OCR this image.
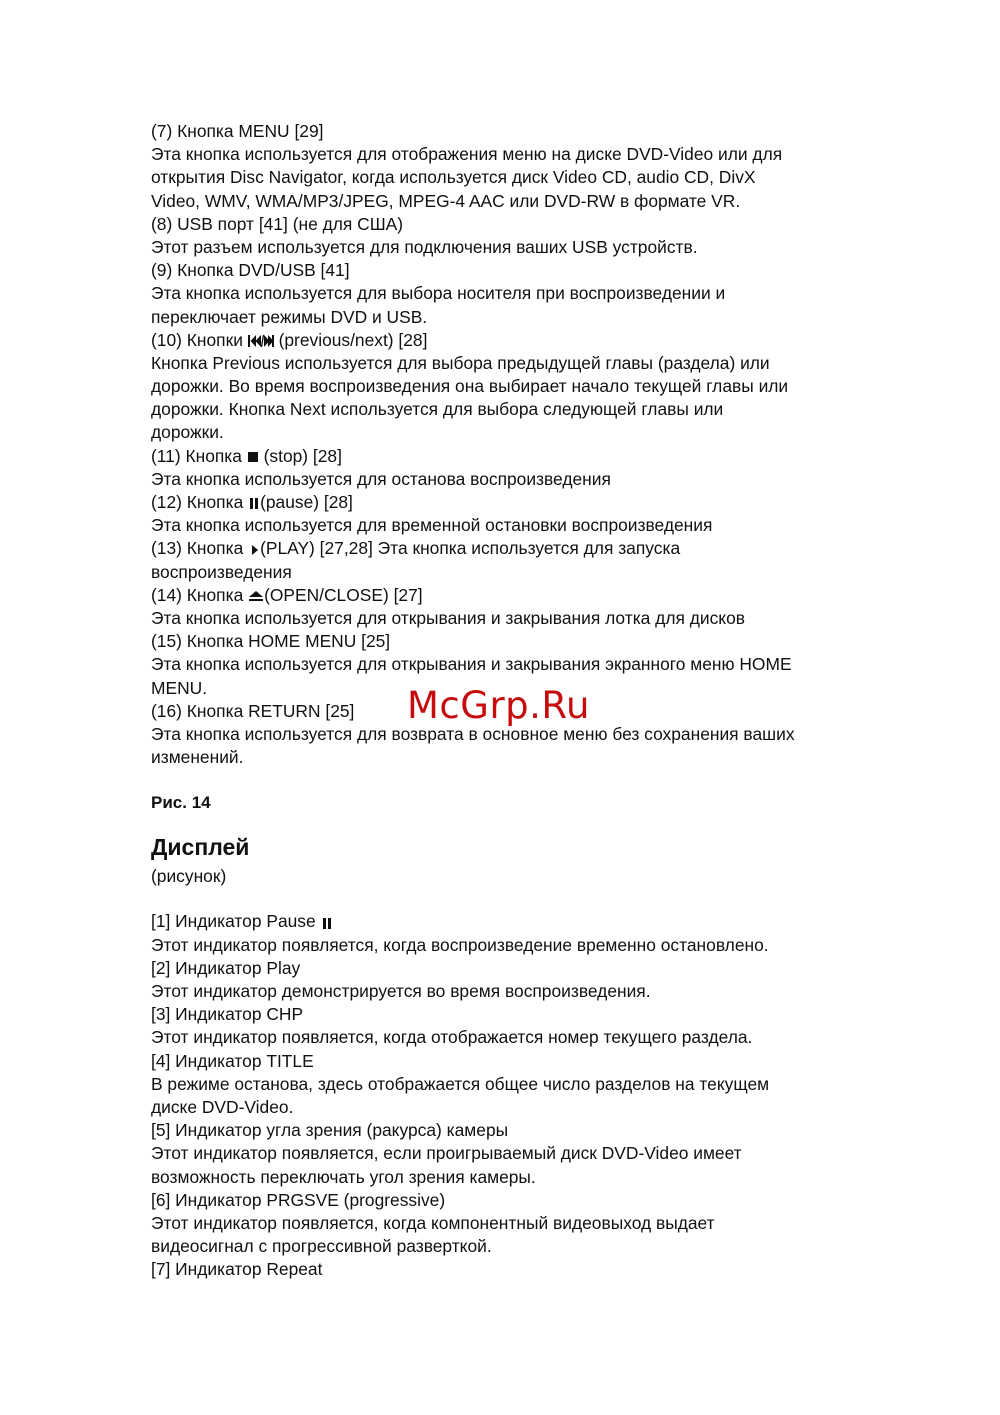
(7) Кнопка MENU [29]
Эта кнопка используется для отображения меню на диске DVD-Video или для
открытия Disc Navigator, когда используется диск Video CD, audio CD, DivX
Video, WMV, WMA/MP3/JPEG, MPEG-4 AAC или DVD-RW в формате VR.
(8) USB порт [41] (не для США)
Этот разъем используется для подключения ваших USB устройств.
(9) Кнопка DVD/USB [41]
Эта кнопка используется для выбора носителя при воспроизведении и
переключает режимы DVD и USB.
(10) Кнопки  (previous/next) [28]
Кнопка Previous используется для выбора предыдущей главы (раздела) или
дорожки. Во время воспроизведения она выбирает начало текущей главы или
дорожки. Кнопка Next используется для выбора следующей главы или
дорожки.
(11) Кнопка  (stop) [28]
Эта кнопка используется для останова воспроизведения
(12) Кнопка (pause) [28]
Эта кнопка используется для временной остановки воспроизведения
(13) Кнопка (PLAY) [27,28] Эта кнопка используется для запуска
воспроизведения
(14) Кнопка (OPEN/CLOSE) [27]
Эта кнопка используется для открывания и закрывания лотка для дисков
(15) Кнопка HOME MENU [25]
Эта кнопка используется для открывания и закрывания экранного меню HOME
MENU.
(16) Кнопка RETURN [25]
Эта кнопка используется для возврата в основное меню без сохранения ваших
изменений.
Рис. 14
Дисплей
(рисунок)
[1] Индикатор Pause
Этот индикатор появляется, когда воспроизведение временно остановлено.
[2] Индикатор Play
Этот индикатор демонстрируется во время воспроизведения.
[3] Индикатор CHP
Этот индикатор появляется, когда отображается номер текущего раздела.
[4] Индикатор TITLE
В режиме останова, здесь отображается общее число разделов на текущем
диске DVD-Video.
[5] Индикатор угла зрения (ракурса) камеры
Этот индикатор появляется, если проигрываемый диск DVD-Video имеет
возможность переключать угол зрения камеры.
[6] Индикатор PRGSVE (progressive)
Этот индикатор появляется, когда компонентный видеовыход выдает
видеосигнал с прогрессивной разверткой.
[7] Индикатор Repeat
McGrp.Ru
